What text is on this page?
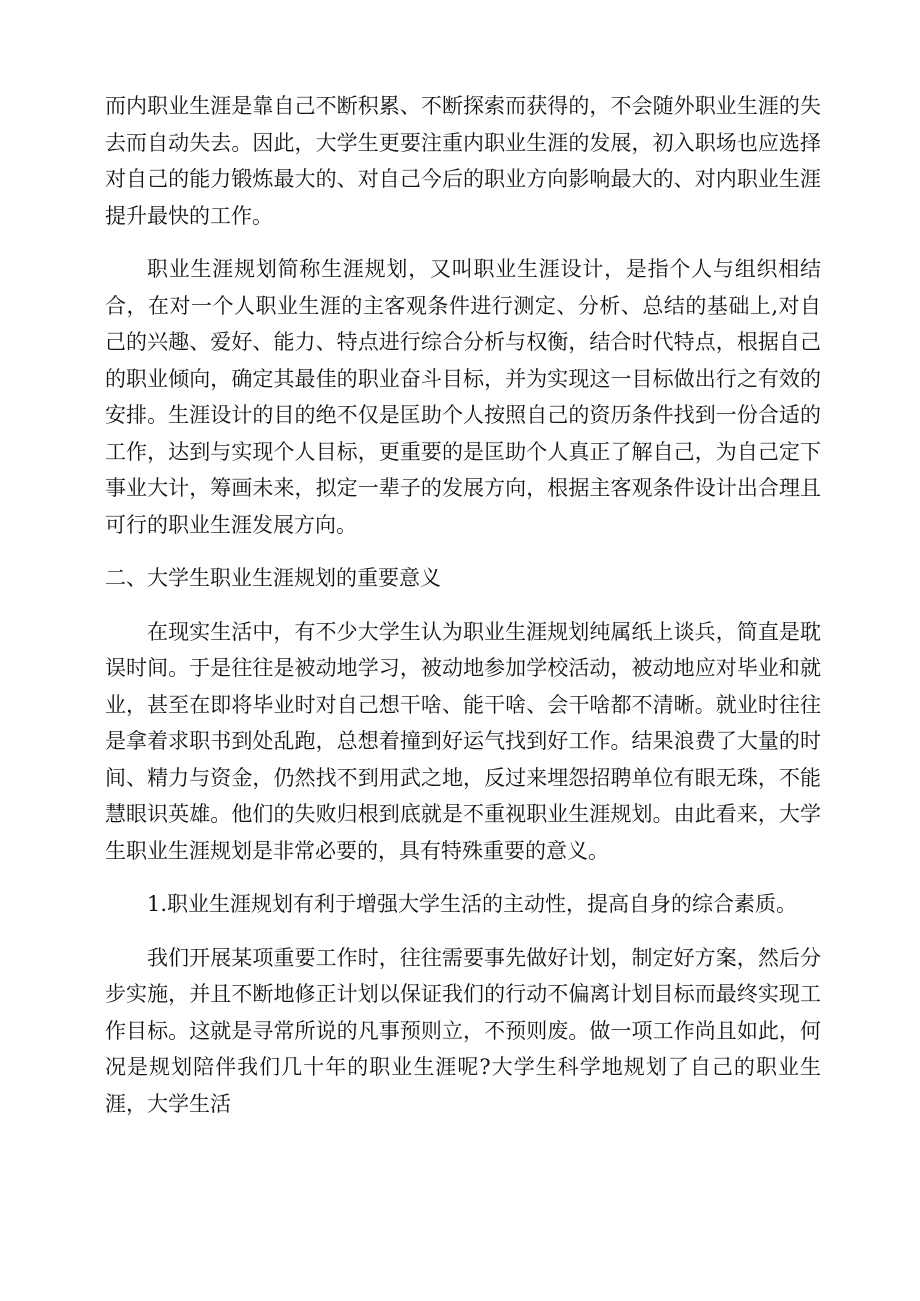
而内职业生涯是靠自己不断积累、不断探索而获得的，不会随外职业生涯的失去而自动失去。因此，大学生更要注重内职业生涯的发展，初入职场也应选择对自己的能力锻炼最大的、对自己今后的职业方向影响最大的、对内职业生涯提升最快的工作。

职业生涯规划简称生涯规划，又叫职业生涯设计，是指个人与组织相结合，在对一个人职业生涯的主客观条件进行测定、分析、总结的基础上,对自己的兴趣、爱好、能力、特点进行综合分析与权衡，结合时代特点，根据自己的职业倾向，确定其最佳的职业奋斗目标，并为实现这一目标做出行之有效的安排。生涯设计的目的绝不仅是匡助个人按照自己的资历条件找到一份合适的工作，达到与实现个人目标，更重要的是匡助个人真正了解自己，为自己定下事业大计，筹画未来，拟定一辈子的发展方向，根据主客观条件设计出合理且可行的职业生涯发展方向。

二、大学生职业生涯规划的重要意义

在现实生活中，有不少大学生认为职业生涯规划纯属纸上谈兵，简直是耽误时间。于是往往是被动地学习，被动地参加学校活动，被动地应对毕业和就业，甚至在即将毕业时对自己想干啥、能干啥、会干啥都不清晰。就业时往往是拿着求职书到处乱跑，总想着撞到好运气找到好工作。结果浪费了大量的时间、精力与资金，仍然找不到用武之地，反过来埋怨招聘单位有眼无珠，不能慧眼识英雄。他们的失败归根到底就是不重视职业生涯规划。由此看来，大学生职业生涯规划是非常必要的，具有特殊重要的意义。

1.职业生涯规划有利于增强大学生活的主动性，提高自身的综合素质。

我们开展某项重要工作时，往往需要事先做好计划，制定好方案，然后分步实施，并且不断地修正计划以保证我们的行动不偏离计划目标而最终实现工作目标。这就是寻常所说的凡事预则立，不预则废。做一项工作尚且如此，何况是规划陪伴我们几十年的职业生涯呢?大学生科学地规划了自己的职业生涯，大学生活
